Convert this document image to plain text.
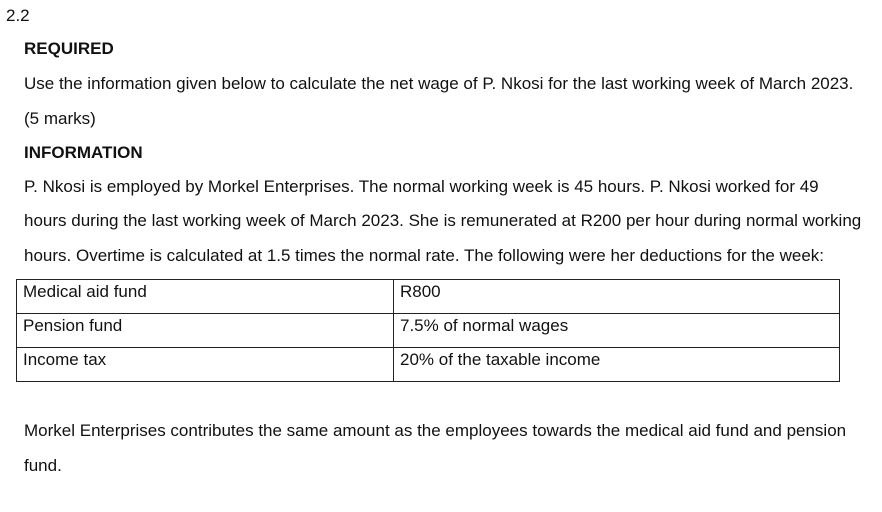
2.2
REQUIRED
Use the information given below to calculate the net wage of P. Nkosi for the last working week of March 2023.
(5 marks)
INFORMATION
P. Nkosi is employed by Morkel Enterprises. The normal working week is 45 hours. P. Nkosi worked for 49
hours during the last working week of March 2023. She is remunerated at R200 per hour during normal working
hours. Overtime is calculated at 1.5 times the normal rate. The following were her deductions for the week:
Medical aid fund	R800
Pension fund	7.5% of normal wages
Income tax	20% of the taxable income
Morkel Enterprises contributes the same amount as the employees towards the medical aid fund and pension
fund.
